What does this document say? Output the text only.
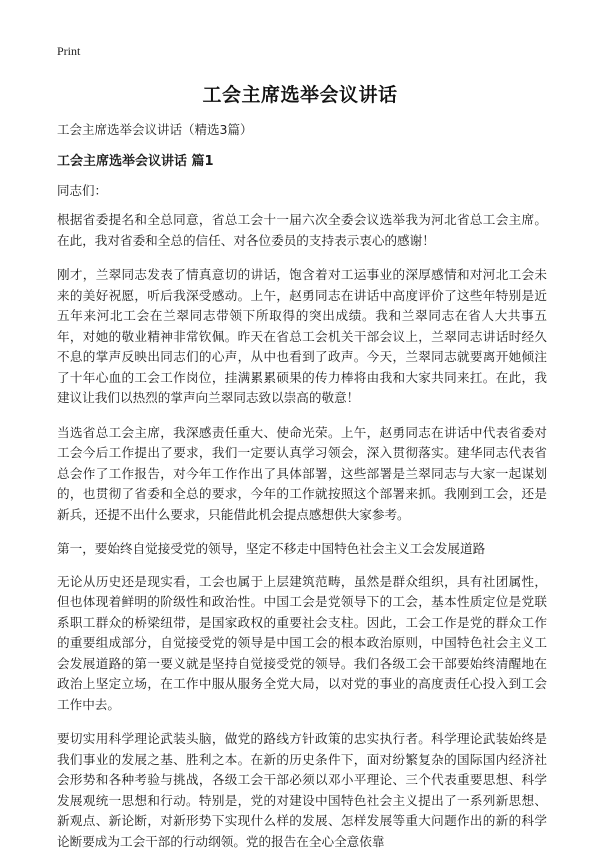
Print
工会主席选举会议讲话
工会主席选举会议讲话（精选3篇）
工会主席选举会议讲话 篇1
同志们：

根据省委提名和全总同意，省总工会十一届六次全委会议选举我为河北省总工会主席。在此，我对省委和全总的信任、对各位委员的支持表示衷心的感谢！

刚才，兰翠同志发表了情真意切的讲话，饱含着对工运事业的深厚感情和对河北工会未来的美好祝愿，听后我深受感动。上午，赵勇同志在讲话中高度评价了这些年特别是近五年来河北工会在兰翠同志带领下所取得的突出成绩。我和兰翠同志在省人大共事五年，对她的敬业精神非常钦佩。昨天在省总工会机关干部会议上，兰翠同志讲话时经久不息的掌声反映出同志们的心声，从中也看到了政声。今天，兰翠同志就要离开她倾注了十年心血的工会工作岗位，挂满累累硕果的传力棒将由我和大家共同来扛。在此，我建议让我们以热烈的掌声向兰翠同志致以崇高的敬意！

当选省总工会主席，我深感责任重大、使命光荣。上午，赵勇同志在讲话中代表省委对工会今后工作提出了要求，我们一定要认真学习领会，深入贯彻落实。建华同志代表省总会作了工作报告，对今年工作作出了具体部署，这些部署是兰翠同志与大家一起谋划的，也贯彻了省委和全总的要求，今年的工作就按照这个部署来抓。我刚到工会，还是新兵，还提不出什么要求，只能借此机会提点感想供大家参考。

第一，要始终自觉接受党的领导，坚定不移走中国特色社会主义工会发展道路

无论从历史还是现实看，工会也属于上层建筑范畴，虽然是群众组织，具有社团属性，但也体现着鲜明的阶级性和政治性。中国工会是党领导下的工会，基本性质定位是党联系职工群众的桥梁纽带，是国家政权的重要社会支柱。因此，工会工作是党的群众工作的重要组成部分，自觉接受党的领导是中国工会的根本政治原则，中国特色社会主义工会发展道路的第一要义就是坚持自觉接受党的领导。我们各级工会干部要始终清醒地在政治上坚定立场，在工作中服从服务全党大局，以对党的事业的高度责任心投入到工会工作中去。

要切实用科学理论武装头脑，做党的路线方针政策的忠实执行者。科学理论武装始终是我们事业的发展之基、胜利之本。在新的历史条件下，面对纷繁复杂的国际国内经济社会形势和各种考验与挑战，各级工会干部必须以邓小平理论、三个代表重要思想、科学发展观统一思想和行动。特别是，党的对建设中国特色社会主义提出了一系列新思想、新观点、新论断，对新形势下实现什么样的发展、怎样发展等重大问题作出的新的科学论断要成为工会干部的行动纲领。党的报告在全心全意依靠
